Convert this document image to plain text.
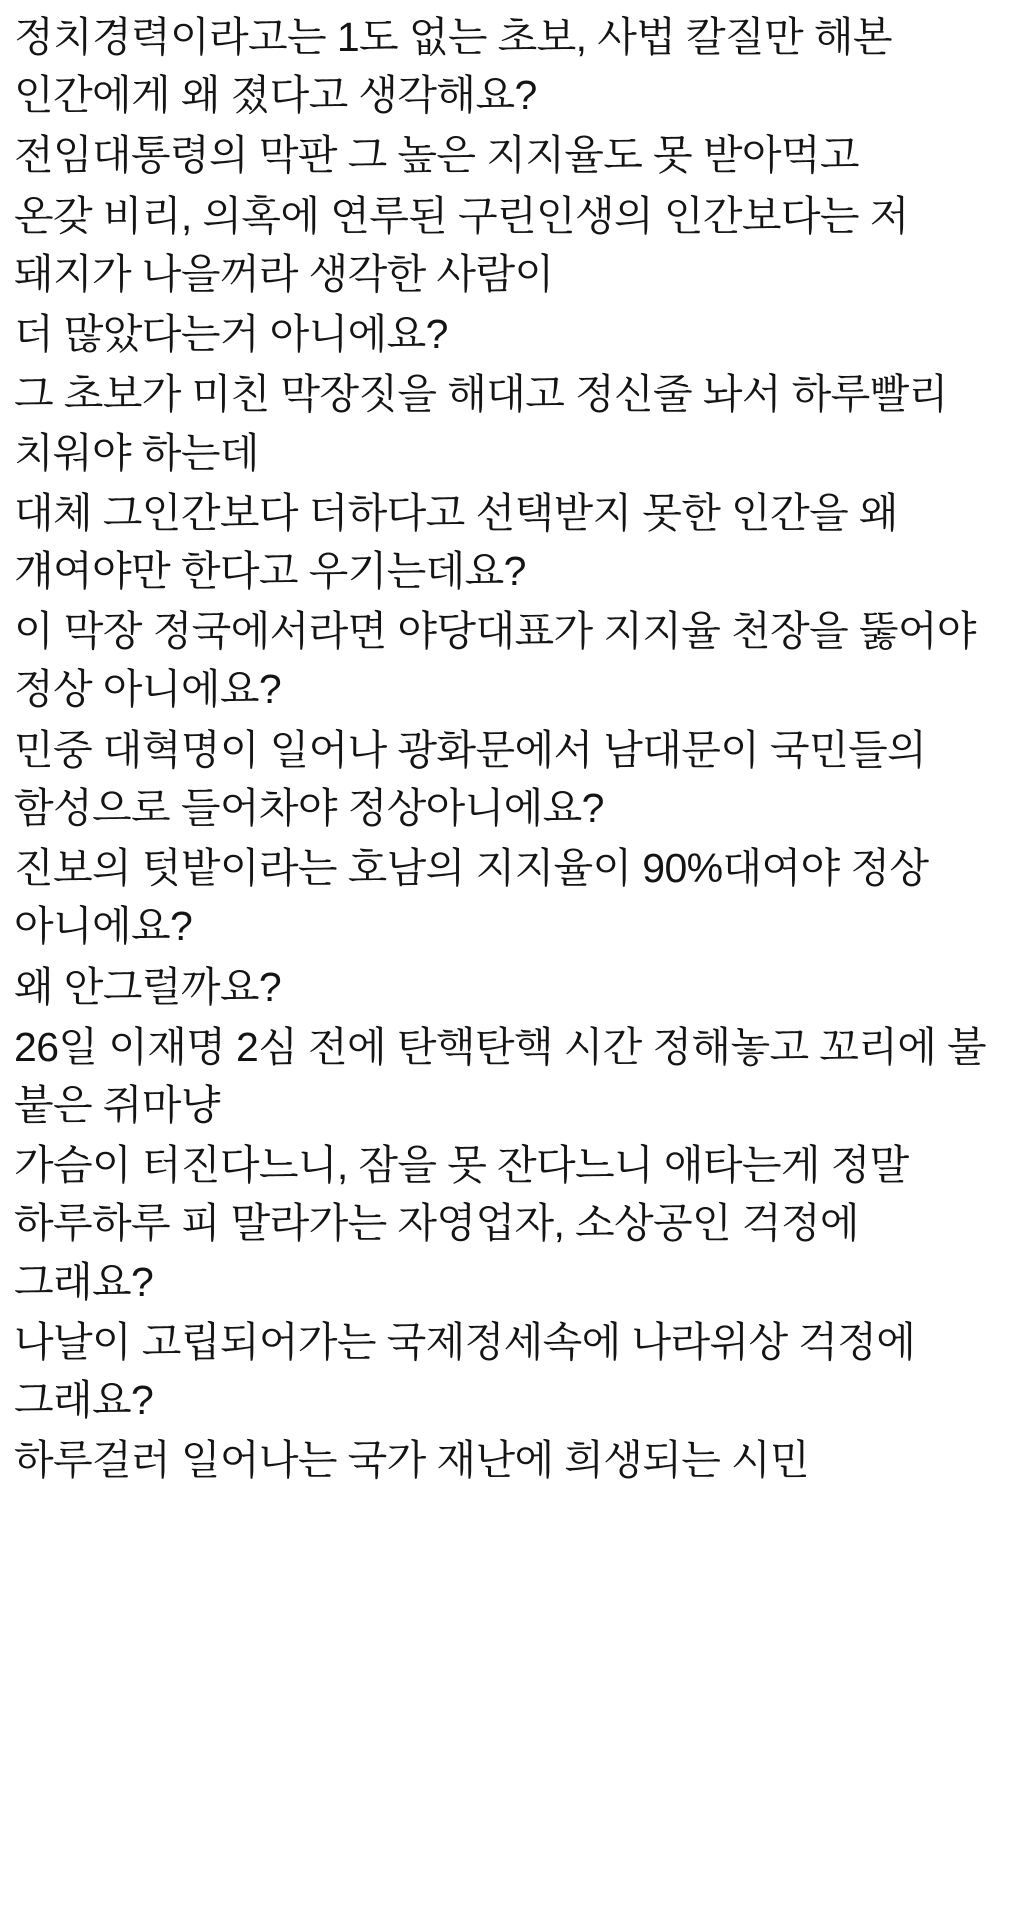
정치경력이라고는 1도 없는 초보, 사법 칼질만 해본 인간에게 왜 졌다고 생각해요?

전임대통령의 막판 그 높은 지지율도 못 받아먹고

온갖 비리, 의혹에 연루된 구린인생의 인간보다는 저 돼지가 나을꺼라 생각한 사람이

더 많았다는거 아니에요?

그 초보가 미친 막장짓을 해대고 정신줄 놔서 하루빨리 치워야 하는데

대체 그인간보다 더하다고 선택받지 못한 인간을 왜 걔여야만 한다고 우기는데요?

이 막장 정국에서라면 야당대표가 지지율 천장을 뚫어야 정상 아니에요?

민중 대혁명이 일어나 광화문에서 남대문이 국민들의 함성으로 들어차야 정상아니에요?

진보의 텃밭이라는 호남의 지지율이 90%대여야 정상 아니에요?

왜 안그럴까요?

26일 이재명 2심 전에 탄핵탄핵 시간 정해놓고 꼬리에 불 붙은 쥐마냥

가슴이 터진다느니, 잠을 못 잔다느니 애타는게 정말 하루하루 피 말라가는 자영업자, 소상공인 걱정에 그래요?

나날이 고립되어가는 국제정세속에 나라위상 걱정에 그래요?

하루걸러 일어나는 국가 재난에 희생되는 시민
